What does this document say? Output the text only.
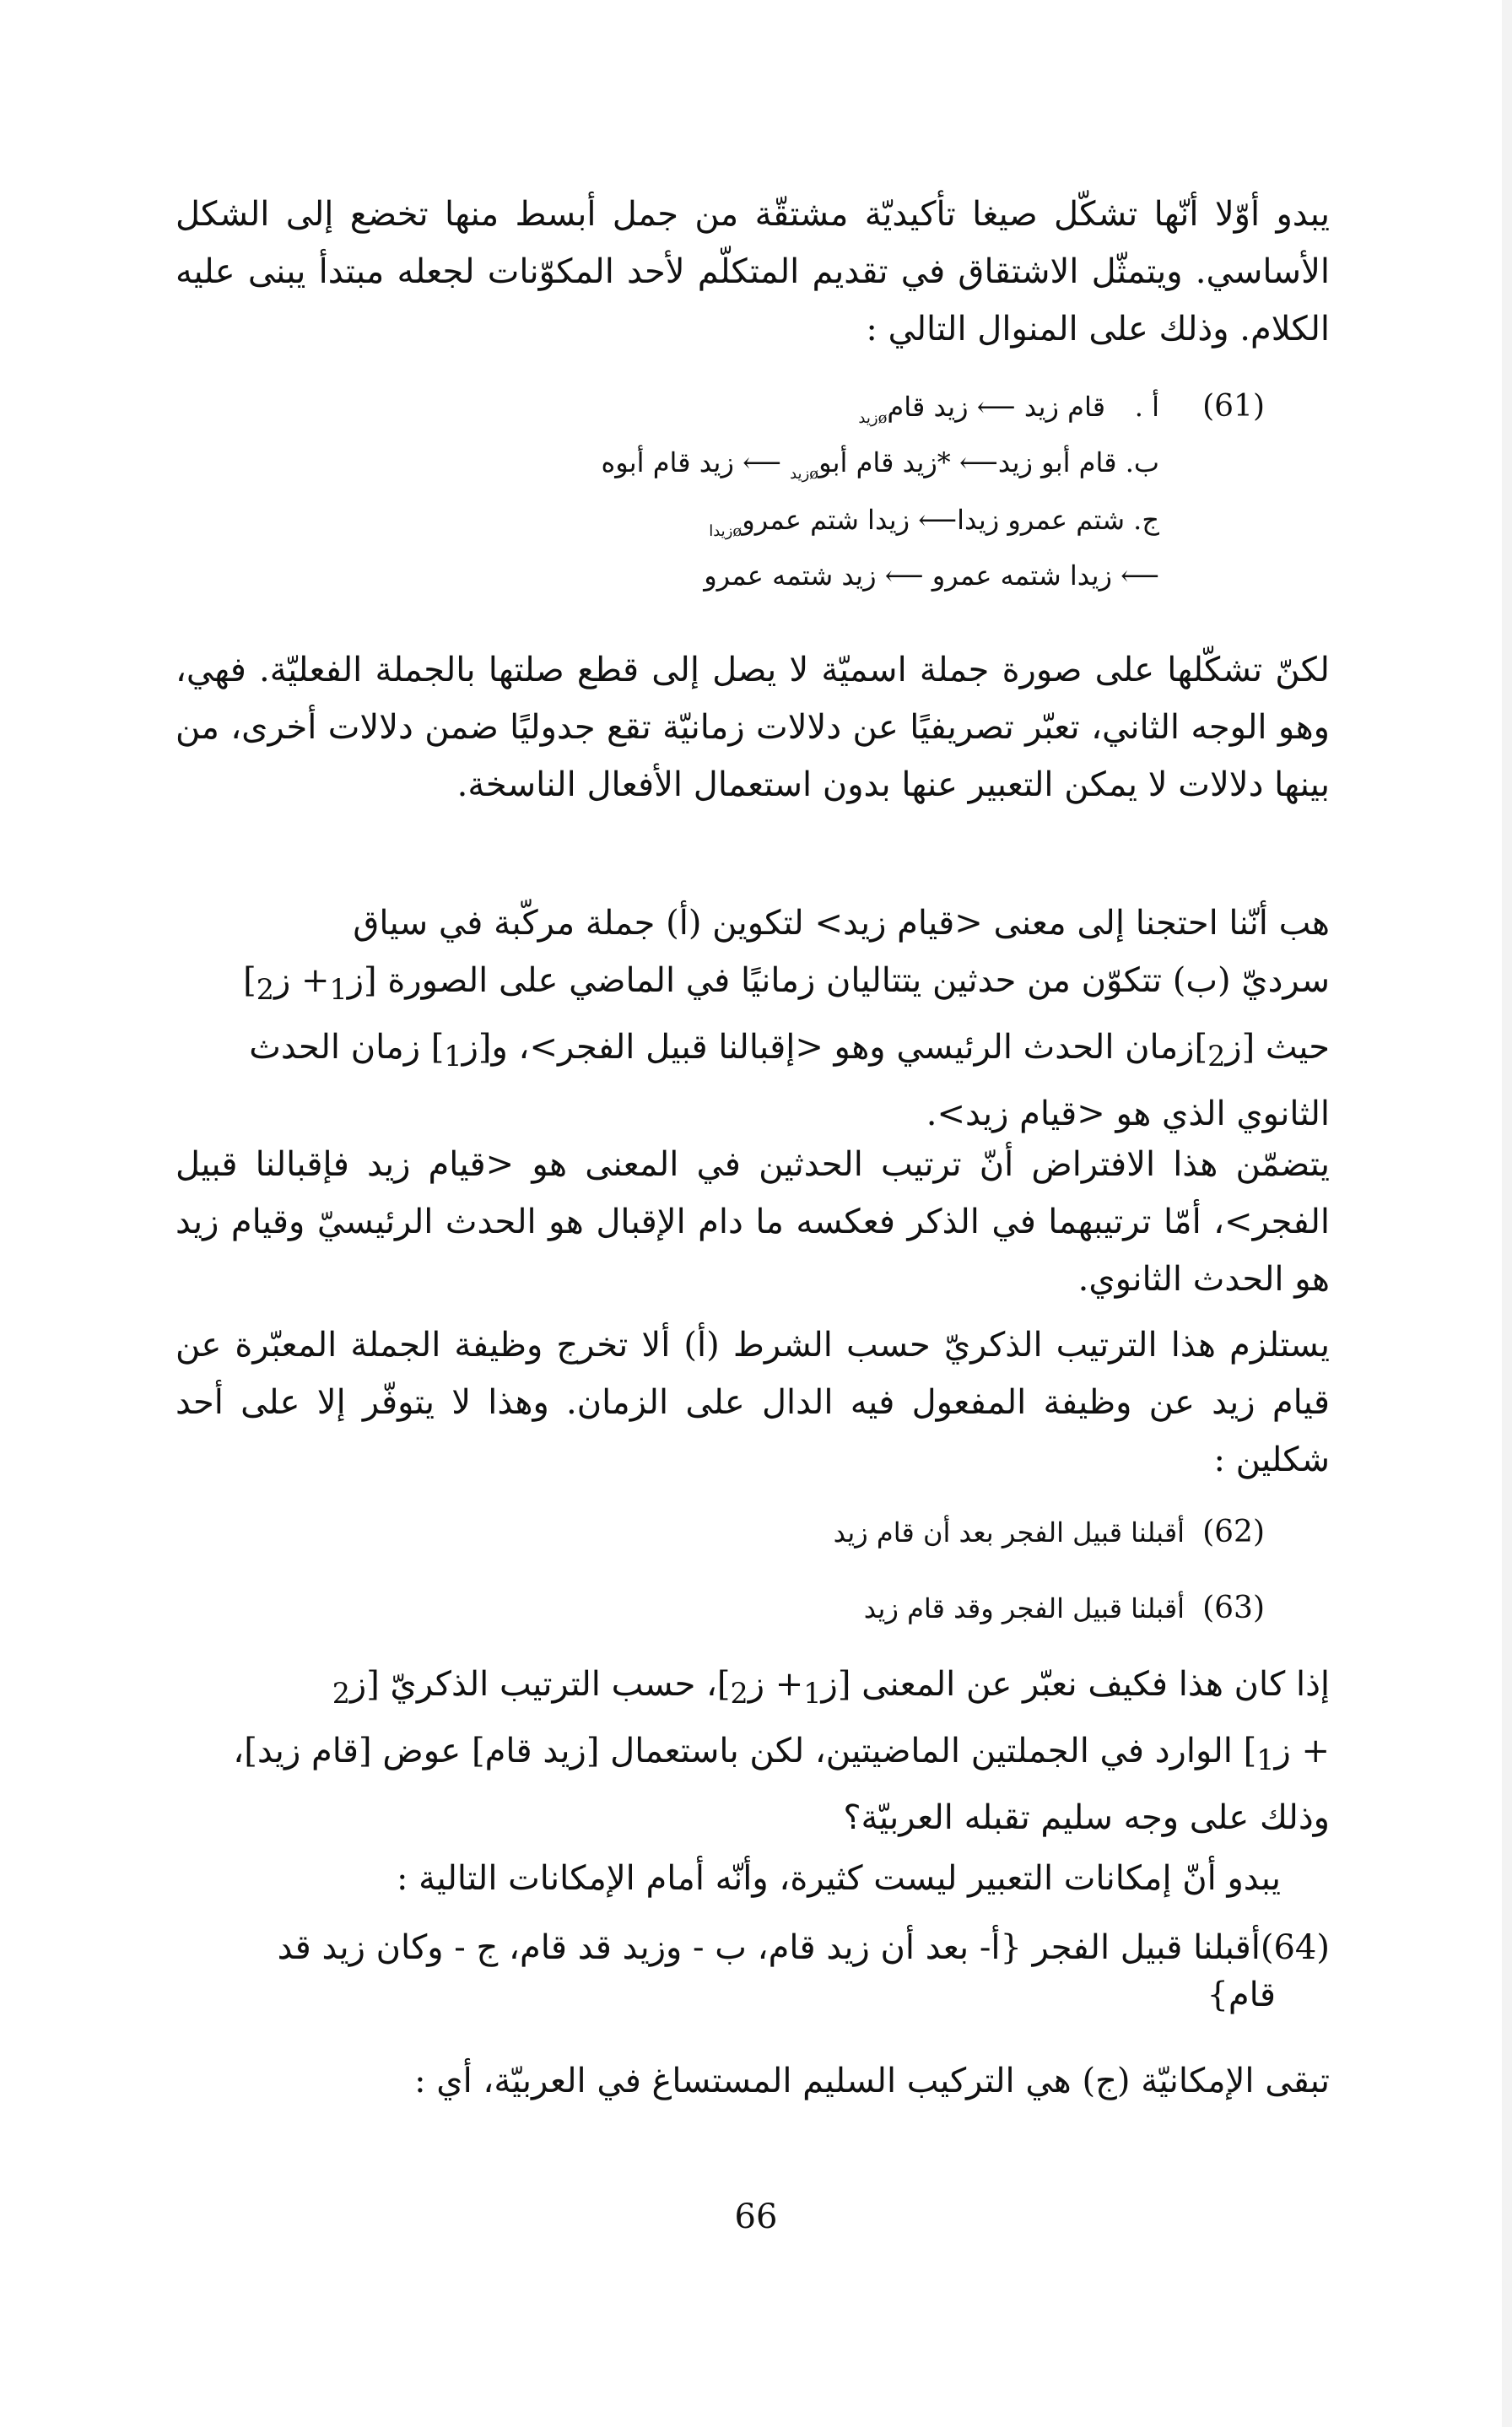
يبدو أوّلا أنّها تشكّل صيغا تأكيديّة مشتقّة من جمل أبسط منها تخضع إلى الشكل الأساسي. ويتمثّل الاشتقاق في تقديم المتكلّم لأحد المكوّنات لجعله مبتدأ يبنى عليه الكلام. وذلك على المنوال التالي :
(61)
أ .
قام زيد ⟵ زيد قام$_{øزيد}$
ب. قام أبو زيد⟵ *زيد قام أبو$_{øزيد}$ ⟵ زيد قام أبوه
ج. شتم عمرو زيدا⟵ زيدا شتم عمرو$_{øزيدا}$
⟵ زيدا شتمه عمرو ⟵ زيد شتمه عمرو
لكنّ تشكّلها على صورة جملة اسميّة لا يصل إلى قطع صلتها بالجملة الفعليّة. فهي، وهو الوجه الثاني، تعبّر تصريفيًا عن دلالات زمانيّة تقع جدوليًا ضمن دلالات أخرى، من بينها دلالات لا يمكن التعبير عنها بدون استعمال الأفعال الناسخة.
هب أنّنا احتجنا إلى معنى <قيام زيد> لتكوين (أ) جملة مركّبة في سياق
سرديّ (ب) تتكوّن من حدثين يتتاليان زمانيًا في الماضي على الصورة [ز$_1$+ ز$_2$]
حيث [ز$_2$]زمان الحدث الرئيسي وهو <إقبالنا قبيل الفجر>، و[ز$_1$] زمان الحدث
الثانوي الذي هو <قيام زيد>.
يتضمّن هذا الافتراض أنّ ترتيب الحدثين في المعنى هو <قيام زيد فإقبالنا قبيل الفجر>، أمّا ترتيبهما في الذكر فعكسه ما دام الإقبال هو الحدث الرئيسيّ وقيام زيد هو الحدث الثانوي.
يستلزم هذا الترتيب الذكريّ حسب الشرط (أ) ألا تخرج وظيفة الجملة المعبّرة عن قيام زيد عن وظيفة المفعول فيه الدال على الزمان. وهذا لا يتوفّر إلا على أحد شكلين :
(62)
أقبلنا قبيل الفجر بعد أن قام زيد
(63)
أقبلنا قبيل الفجر وقد قام زيد
إذا كان هذا فكيف نعبّر عن المعنى [ز$_1$+ ز$_2$]، حسب الترتيب الذكريّ [ز$_2$
+ ز$_1$] الوارد في الجملتين الماضيتين، لكن باستعمال [زيد قام] عوض [قام زيد]،
وذلك على وجه سليم تقبله العربيّة؟
يبدو أنّ إمكانات التعبير ليست كثيرة، وأنّه أمام الإمكانات التالية :
(64)أقبلنا قبيل الفجر {أ- بعد أن زيد قام، ب - وزيد قد قام، ج - وكان زيد قد
قام}
تبقى الإمكانيّة (ج) هي التركيب السليم المستساغ في العربيّة، أي :
66
